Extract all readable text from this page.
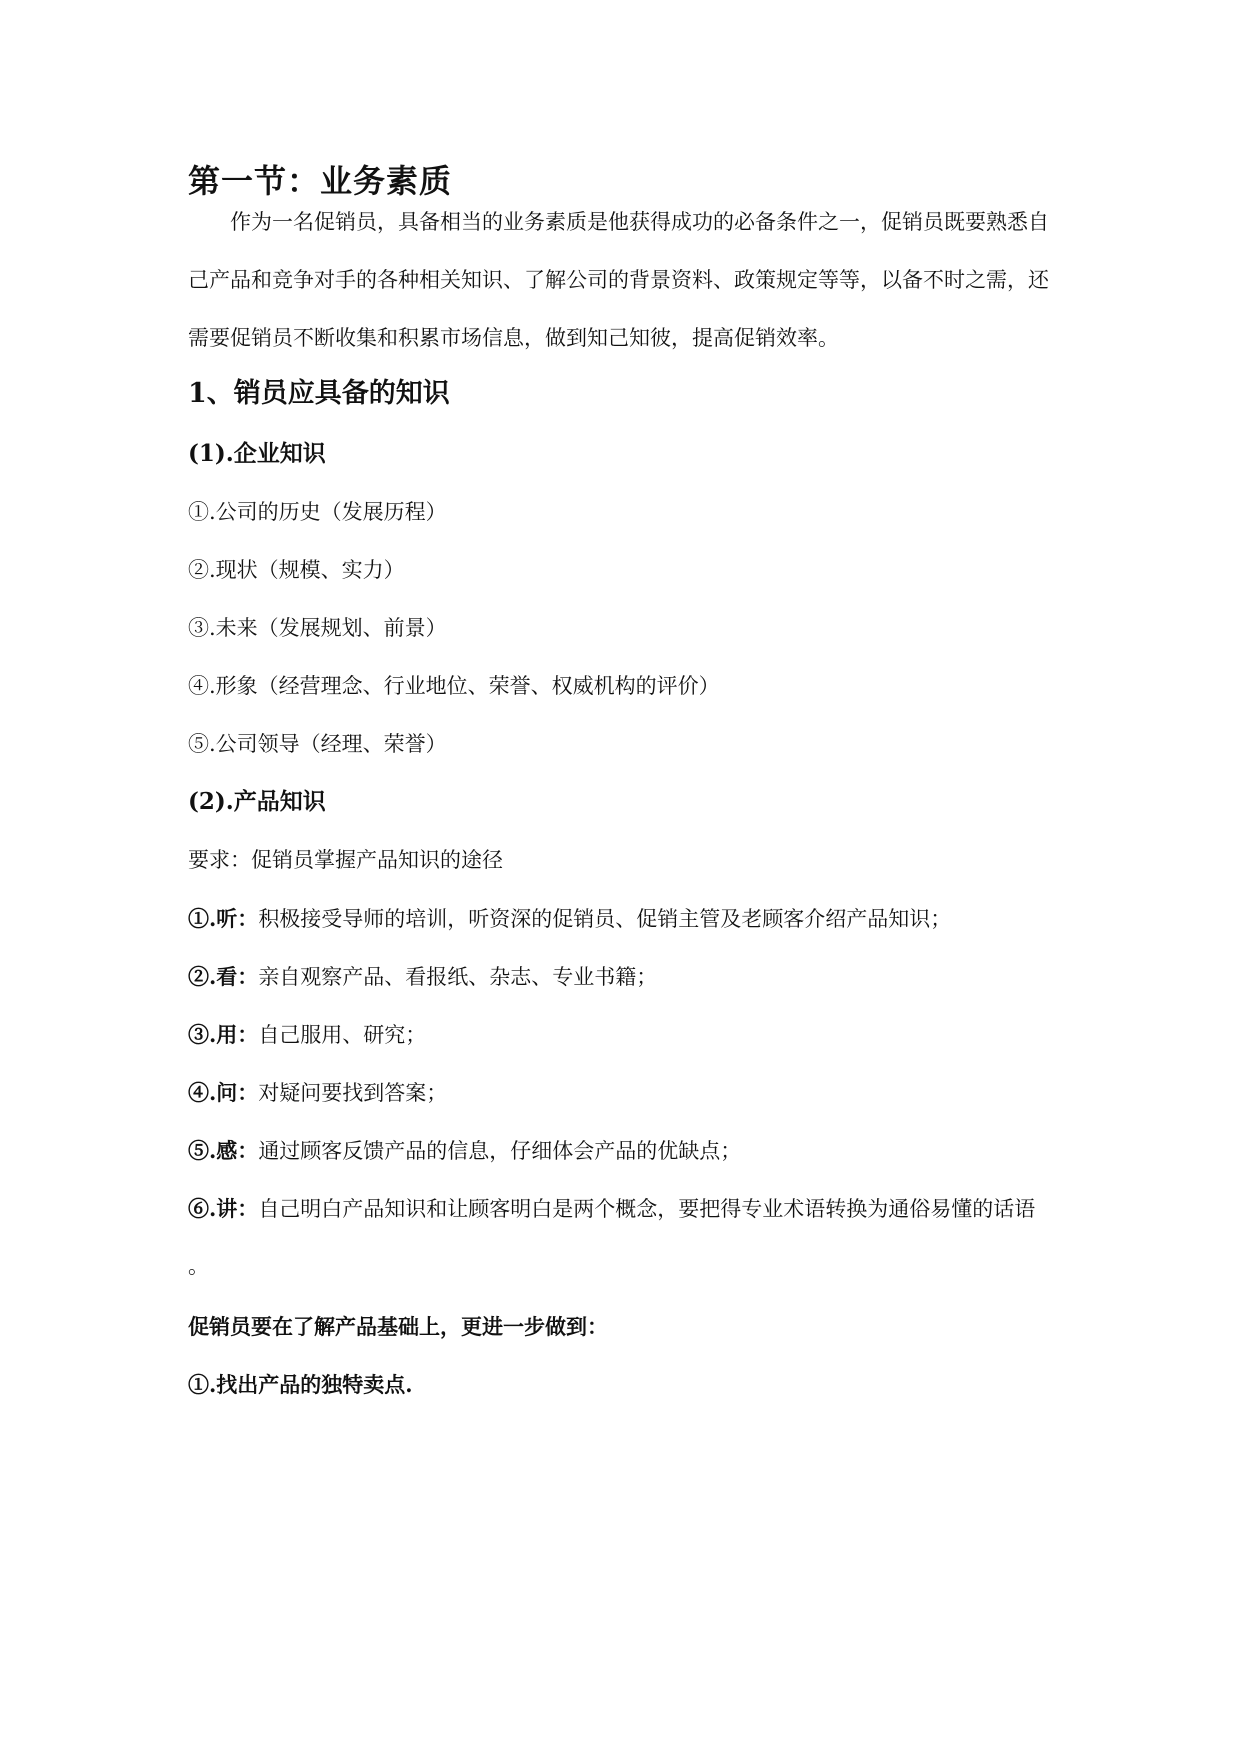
第一节：业务素质
作为一名促销员，具备相当的业务素质是他获得成功的必备条件之一，促销员既要熟悉自
己产品和竞争对手的各种相关知识、了解公司的背景资料、政策规定等等，以备不时之需，还
需要促销员不断收集和积累市场信息，做到知己知彼，提高促销效率。
1、销员应具备的知识
(1).企业知识
①.公司的历史（发展历程）
②.现状（规模、实力）
③.未来（发展规划、前景）
④.形象（经营理念、行业地位、荣誉、权威机构的评价）
⑤.公司领导（经理、荣誉）
(2).产品知识
要求：促销员掌握产品知识的途径
①.听：积极接受导师的培训，听资深的促销员、促销主管及老顾客介绍产品知识；
②.看：亲自观察产品、看报纸、杂志、专业书籍；
③.用：自己服用、研究；
④.问：对疑问要找到答案；
⑤.感：通过顾客反馈产品的信息，仔细体会产品的优缺点；
⑥.讲：自己明白产品知识和让顾客明白是两个概念，要把得专业术语转换为通俗易懂的话语
。
促销员要在了解产品基础上，更进一步做到：
①.找出产品的独特卖点.
